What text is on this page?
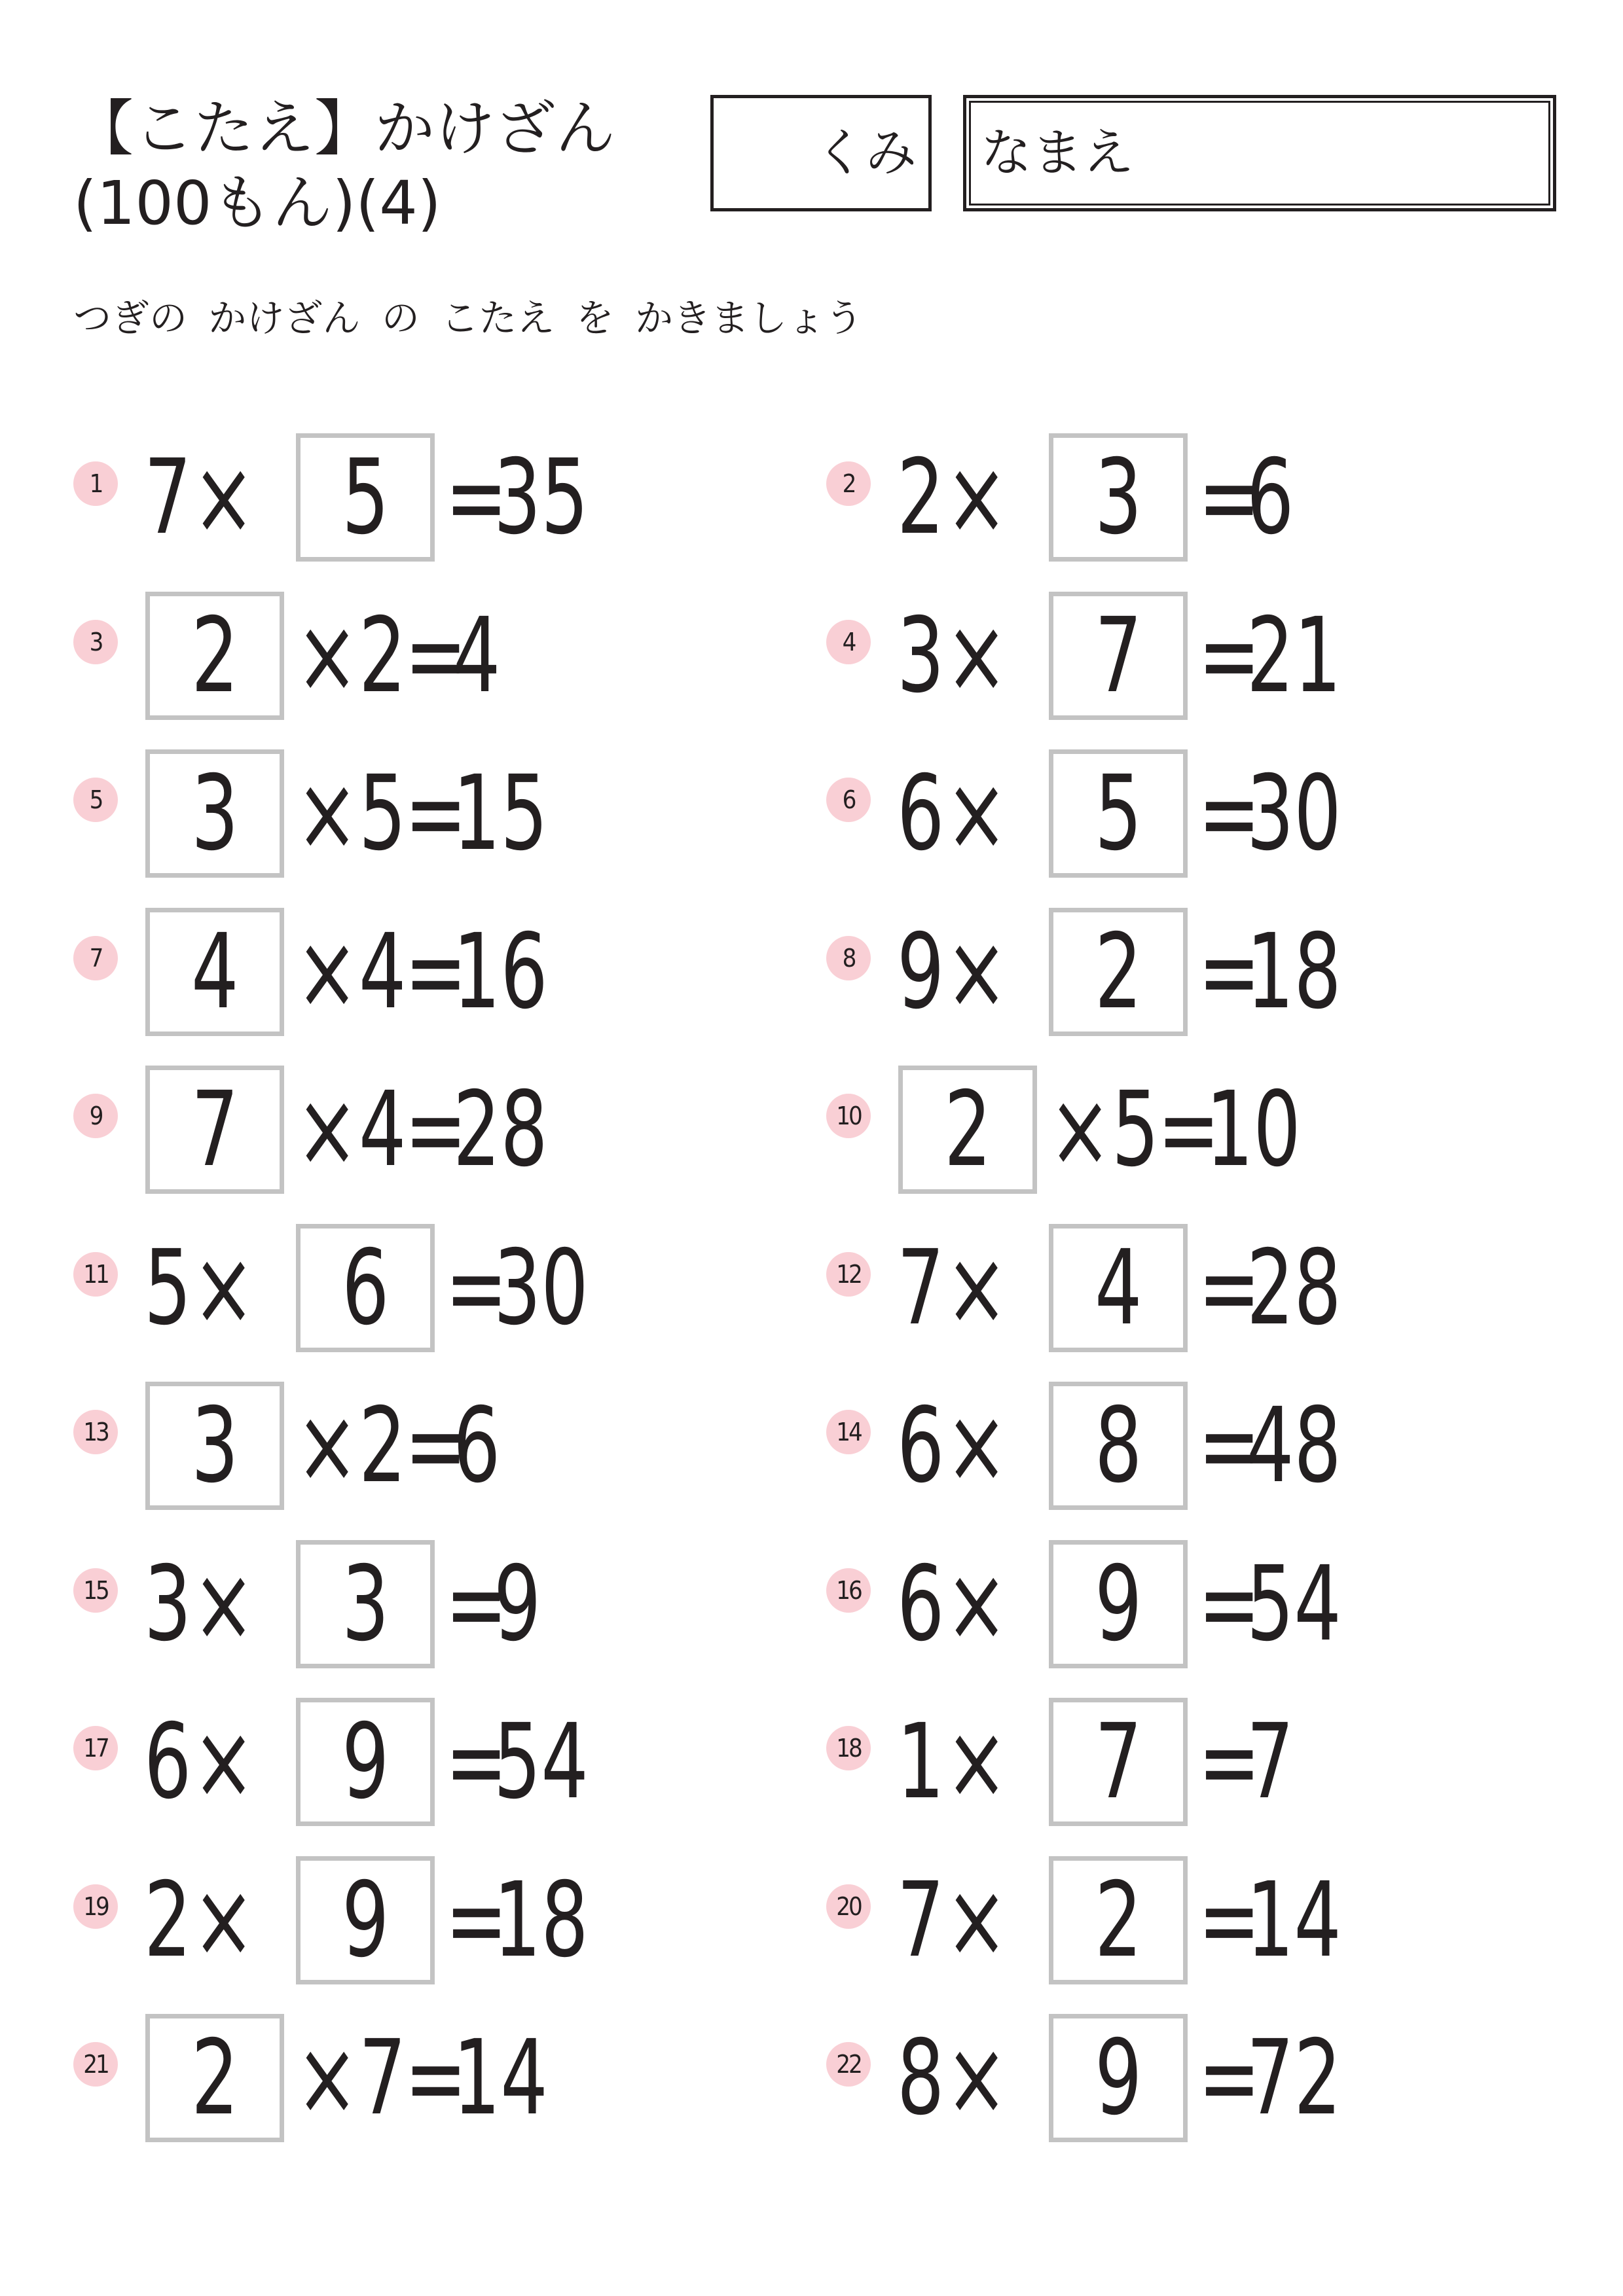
【こたえ】かけざん
(100もん)(4)
くみ	なまえ

つぎの かけざん の こたえ を かきましょう

1 7 × 5 =
35	2 2 × 3 =
6
3 2 × 2
=
4	4 3 × 7 =
21
5 3 × 5
=
15	6 6 × 5 =
30
7 4 × 4
=
16	8 9 × 2 =
18
9 7 × 4
=
28	10 2 × 5
=
10
11 5 × 6 =
30	12 7 × 4 =
28
13 3 × 2
=
6	14 6 × 8 =
48
15 3 × 3 =
9	16 6 × 9 =
54
17 6 × 9 =
54	18 1 × 7 =
7
19 2 × 9 =
18	20 7 × 2 =
14
21 2 × 7
=
14	22 8 × 9 =
72
